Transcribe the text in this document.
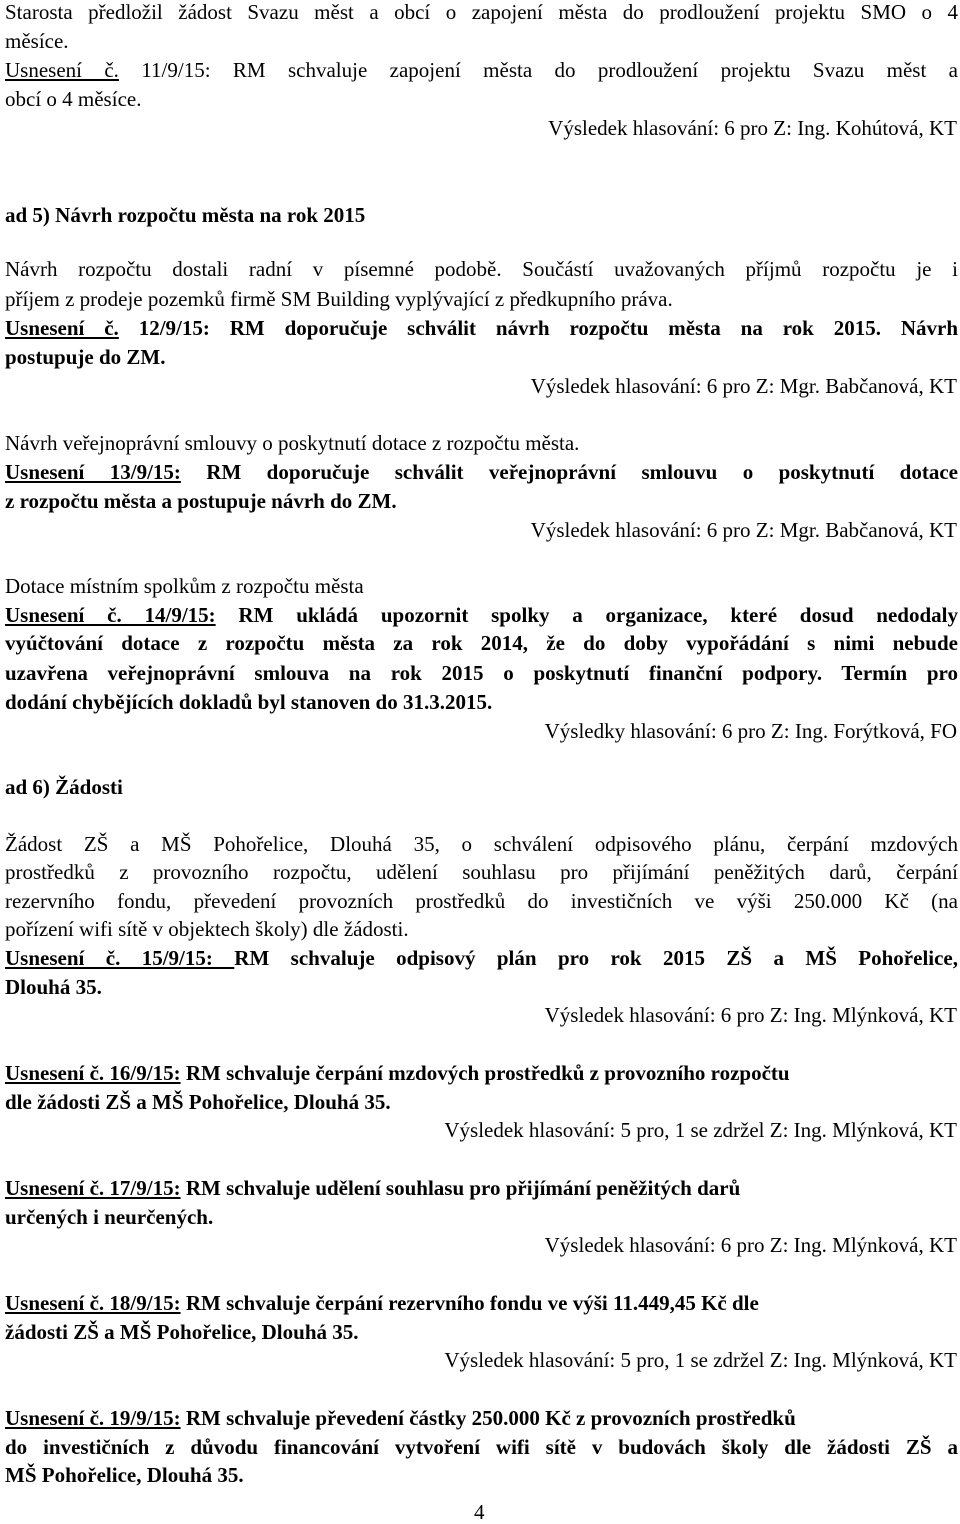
Starosta předložil žádost Svazu měst a obcí o zapojení města do prodloužení projektu SMO o 4
měsíce.
Usnesení č. 11/9/15: RM schvaluje zapojení města do prodloužení projektu Svazu měst a
obcí o 4 měsíce.
Výsledek hlasování: 6 pro Z: Ing. Kohútová, KT
ad 5) Návrh rozpočtu města na rok 2015
Návrh rozpočtu dostali radní v písemné podobě. Součástí uvažovaných příjmů rozpočtu je i
příjem z prodeje pozemků firmě SM Building vyplývající z předkupního práva.
Usnesení č. 12/9/15: RM doporučuje schválit návrh rozpočtu města na rok 2015. Návrh
postupuje do ZM.
Výsledek hlasování: 6 pro Z: Mgr. Babčanová, KT
Návrh veřejnoprávní smlouvy o poskytnutí dotace z rozpočtu města.
Usnesení 13/9/15: RM doporučuje schválit veřejnoprávní smlouvu o poskytnutí dotace
z rozpočtu města a postupuje návrh do ZM.
Výsledek hlasování: 6 pro Z: Mgr. Babčanová, KT
Dotace místním spolkům z rozpočtu města
Usnesení č. 14/9/15: RM ukládá upozornit spolky a organizace, které dosud nedodaly
vyúčtování dotace z rozpočtu města za rok 2014, že do doby vypořádání s nimi nebude
uzavřena veřejnoprávní smlouva na rok 2015 o poskytnutí finanční podpory. Termín pro
dodání chybějících dokladů byl stanoven do 31.3.2015.
Výsledky hlasování: 6 pro Z: Ing. Forýtková, FO
ad 6) Žádosti
Žádost ZŠ a MŠ Pohořelice, Dlouhá 35, o schválení odpisového plánu, čerpání mzdových
prostředků z provozního rozpočtu, udělení souhlasu pro přijímání peněžitých darů, čerpání
rezervního fondu, převedení provozních prostředků do investičních ve výši 250.000 Kč (na
pořízení wifi sítě v objektech školy) dle žádosti.
Usnesení č. 15/9/15: RM schvaluje odpisový plán pro rok 2015 ZŠ a MŠ Pohořelice,
Dlouhá 35.
Výsledek hlasování: 6 pro Z: Ing. Mlýnková, KT
Usnesení č. 16/9/15: RM schvaluje čerpání mzdových prostředků z provozního rozpočtu
dle žádosti ZŠ a MŠ Pohořelice, Dlouhá 35.
Výsledek hlasování: 5 pro, 1 se zdržel Z: Ing. Mlýnková, KT
Usnesení č. 17/9/15: RM schvaluje udělení souhlasu pro přijímání peněžitých darů
určených i neurčených.
Výsledek hlasování: 6 pro Z: Ing. Mlýnková, KT
Usnesení č. 18/9/15: RM schvaluje čerpání rezervního fondu ve výši 11.449,45 Kč dle
žádosti ZŠ a MŠ Pohořelice, Dlouhá 35.
Výsledek hlasování: 5 pro, 1 se zdržel Z: Ing. Mlýnková, KT
Usnesení č. 19/9/15: RM schvaluje převedení částky 250.000 Kč z provozních prostředků
do investičních z důvodu financování vytvoření wifi sítě v budovách školy dle žádosti ZŠ a
MŠ Pohořelice, Dlouhá 35.
4
